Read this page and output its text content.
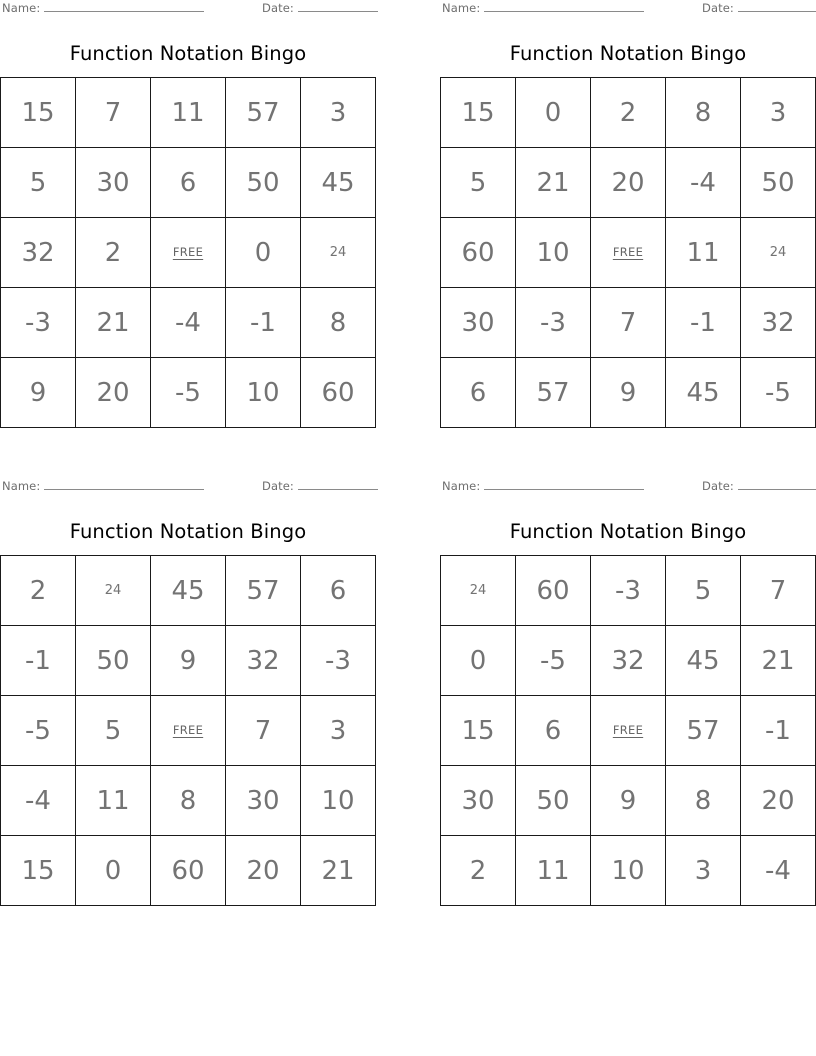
Name:	Date:
Function Notation Bingo
15	7	11	57	3
5	30	6	50	45
32	2	FREE	0	24
-3	21	-4	-1	8
9	20	-5	10	60
Name:	Date:
Function Notation Bingo
15	0	2	8	3
5	21	20	-4	50
60	10	FREE	11	24
30	-3	7	-1	32
6	57	9	45	-5
Name:	Date:
Function Notation Bingo
2	24	45	57	6
-1	50	9	32	-3
-5	5	FREE	7	3
-4	11	8	30	10
15	0	60	20	21
Name:	Date:
Function Notation Bingo
24	60	-3	5	7
0	-5	32	45	21
15	6	FREE	57	-1
30	50	9	8	20
2	11	10	3	-4
